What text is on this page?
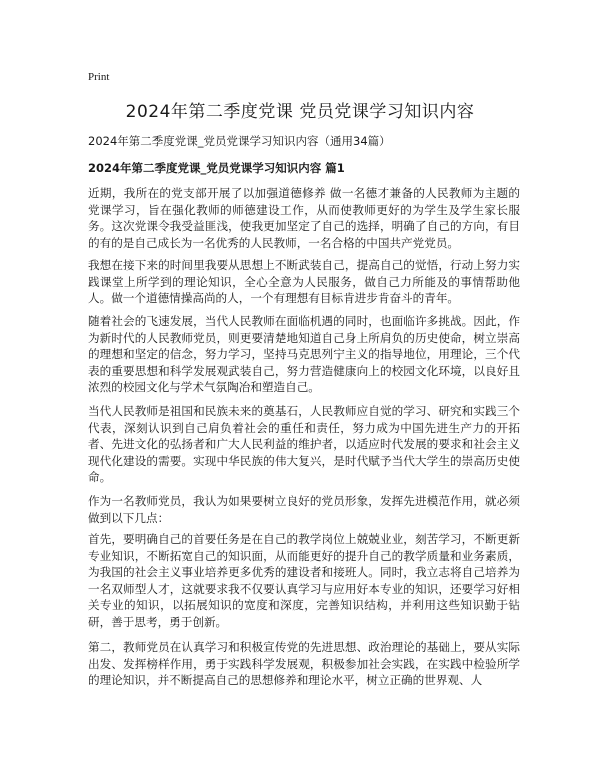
Print
2024年第二季度党课 党员党课学习知识内容

2024年第二季度党课_党员党课学习知识内容（通用34篇）

2024年第二季度党课_党员党课学习知识内容 篇1

近期，我所在的党支部开展了以加强道德修养 做一名德才兼备的人民教师为主题的党课学习，旨在强化教师的师德建设工作，从而使教师更好的为学生及学生家长服务。这次党课令我受益匪浅，使我更加坚定了自己的选择，明确了自己的方向，有目的有的是自己成长为一名优秀的人民教师，一名合格的中国共产党党员。

我想在接下来的时间里我要从思想上不断武装自己，提高自己的觉悟，行动上努力实践课堂上所学到的理论知识，全心全意为人民服务，做自己力所能及的事情帮助他人。做一个道德情操高尚的人，一个有理想有目标肯进步肯奋斗的青年。

随着社会的飞速发展，当代人民教师在面临机遇的同时，也面临许多挑战。因此，作为新时代的人民教师党员，则更要清楚地知道自己身上所肩负的历史使命，树立崇高的理想和坚定的信念，努力学习，坚持马克思列宁主义的指导地位，用理论，三个代表的重要思想和科学发展观武装自己，努力营造健康向上的校园文化环境，以良好且浓烈的校园文化与学术气氛陶冶和塑造自己。

当代人民教师是祖国和民族未来的奠基石，人民教师应自觉的学习、研究和实践三个代表，深刻认识到自己肩负着社会的重任和责任，努力成为中国先进生产力的开拓者、先进文化的弘扬者和广大人民利益的维护者，以适应时代发展的要求和社会主义现代化建设的需要。实现中华民族的伟大复兴，是时代赋予当代大学生的崇高历史使命。

作为一名教师党员，我认为如果要树立良好的党员形象，发挥先进模范作用，就必须做到以下几点：

首先，要明确自己的首要任务是在自己的教学岗位上兢兢业业，刻苦学习，不断更新专业知识，不断拓宽自己的知识面，从而能更好的提升自己的教学质量和业务素质，为我国的社会主义事业培养更多优秀的建设者和接班人。同时，我立志将自己培养为一名双师型人才，这就要求我不仅要认真学习与应用好本专业的知识，还要学习好相关专业的知识，以拓展知识的宽度和深度，完善知识结构，并利用这些知识勤于钻研，善于思考，勇于创新。

第二，教师党员在认真学习和积极宣传党的先进思想、政治理论的基础上，要从实际出发、发挥榜样作用，勇于实践科学发展观，积极参加社会实践，在实践中检验所学的理论知识，并不断提高自己的思想修养和理论水平，树立正确的世界观、人
